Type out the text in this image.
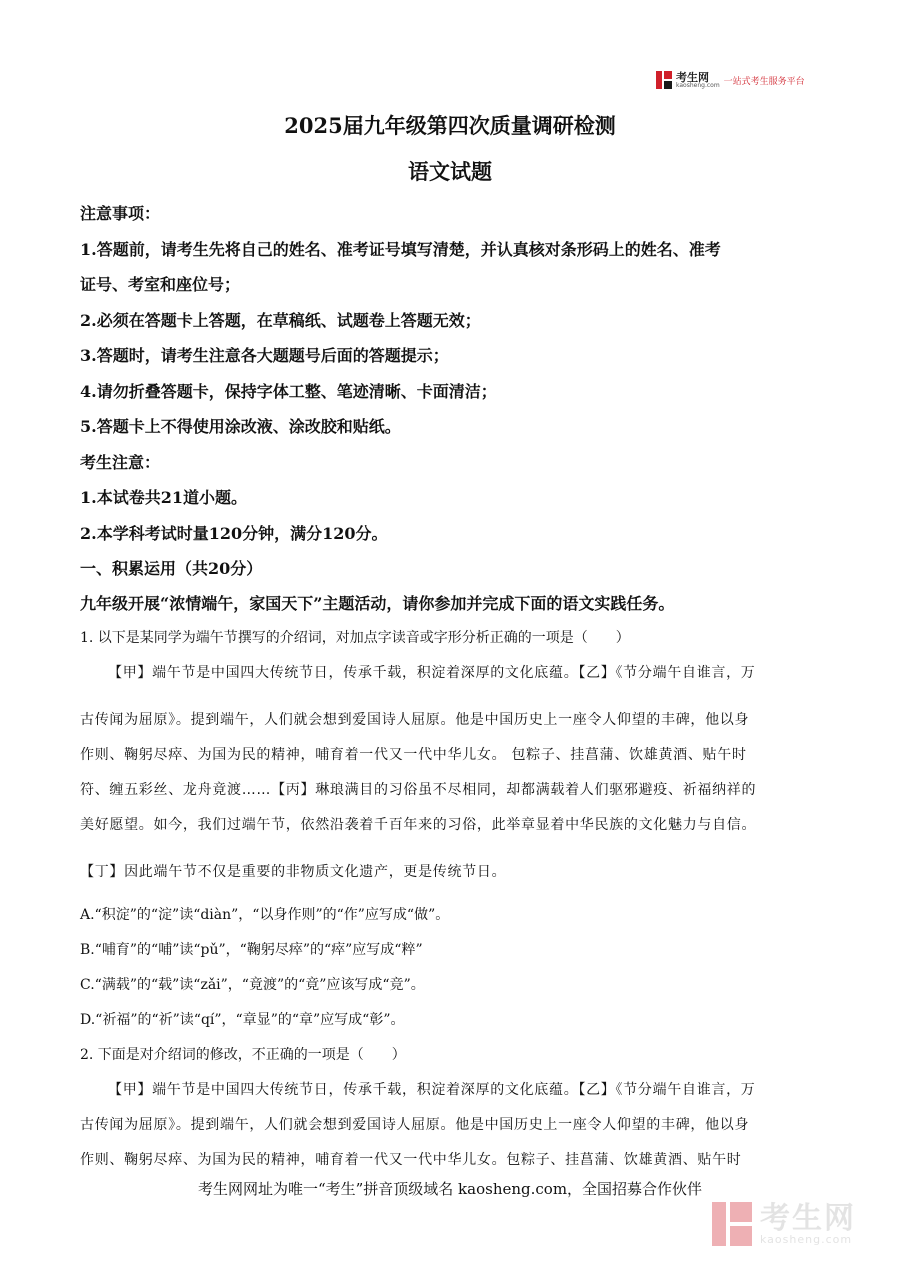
考生网
kaosheng.com 一站式考生服务平台
2025届九年级第四次质量调研检测
语文试题

注意事项：

1.答题前，请考生先将自己的姓名、准考证号填写清楚，并认真核对条形码上的姓名、准考

证号、考室和座位号；

2.必须在答题卡上答题，在草稿纸、试题卷上答题无效；

3.答题时，请考生注意各大题题号后面的答题提示；

4.请勿折叠答题卡，保持字体工整、笔迹清晰、卡面清洁；

5.答题卡上不得使用涂改液、涂改胶和贴纸。

考生注意：

1.本试卷共21道小题。

2.本学科考试时量120分钟，满分120分。

一、积累运用（共20分）

九年级开展“浓情端午，家国天下”主题活动，请你参加并完成下面的语文实践任务。

1. 以下是某同学为端午节撰写的介绍词，对加点字读音或字形分析正确的一项是（　　）

【甲】端午节是中国四大传统节日，传承千载，积淀着深厚的文化底蕴。【乙】《节分端午自谁言，万

古传闻为屈原》。提到端午，人们就会想到爱国诗人屈原。他是中国历史上一座令人仰望的丰碑，他以身

作则、鞠躬尽瘁、为国为民的精神，哺育着一代又一代中华儿女。 包粽子、挂菖蒲、饮雄黄酒、贴午时

符、缠五彩丝、龙舟竟渡……【丙】琳琅满目的习俗虽不尽相同，却都满载着人们驱邪避疫、祈福纳祥的

美好愿望。如今，我们过端午节，依然沿袭着千百年来的习俗，此举章显着中华民族的文化魅力与自信。

【丁】因此端午节不仅是重要的非物质文化遗产，更是传统节日。

A.“积淀”的“淀”读“diàn”，“以身作则”的“作”应写成“做”。

B.“哺育”的“哺”读“pǔ”，“鞠躬尽瘁”的“瘁”应写成“粹”

C.“满载”的“载”读“zǎi”，“竟渡”的“竟”应该写成“竞”。

D.“祈福”的“祈”读“qí”，“章显”的“章”应写成“彰”。

2. 下面是对介绍词的修改，不正确的一项是（　　）

【甲】端午节是中国四大传统节日，传承千载，积淀着深厚的文化底蕴。【乙】《节分端午自谁言，万

古传闻为屈原》。提到端午，人们就会想到爱国诗人屈原。他是中国历史上一座令人仰望的丰碑，他以身

作则、鞠躬尽瘁、为国为民的精神，哺育着一代又一代中华儿女。包粽子、挂菖蒲、饮雄黄酒、贴午时

考生网网址为唯一“考生”拼音顶级域名 kaosheng.com，全国招募合作伙伴
考生网
kaosheng.com
